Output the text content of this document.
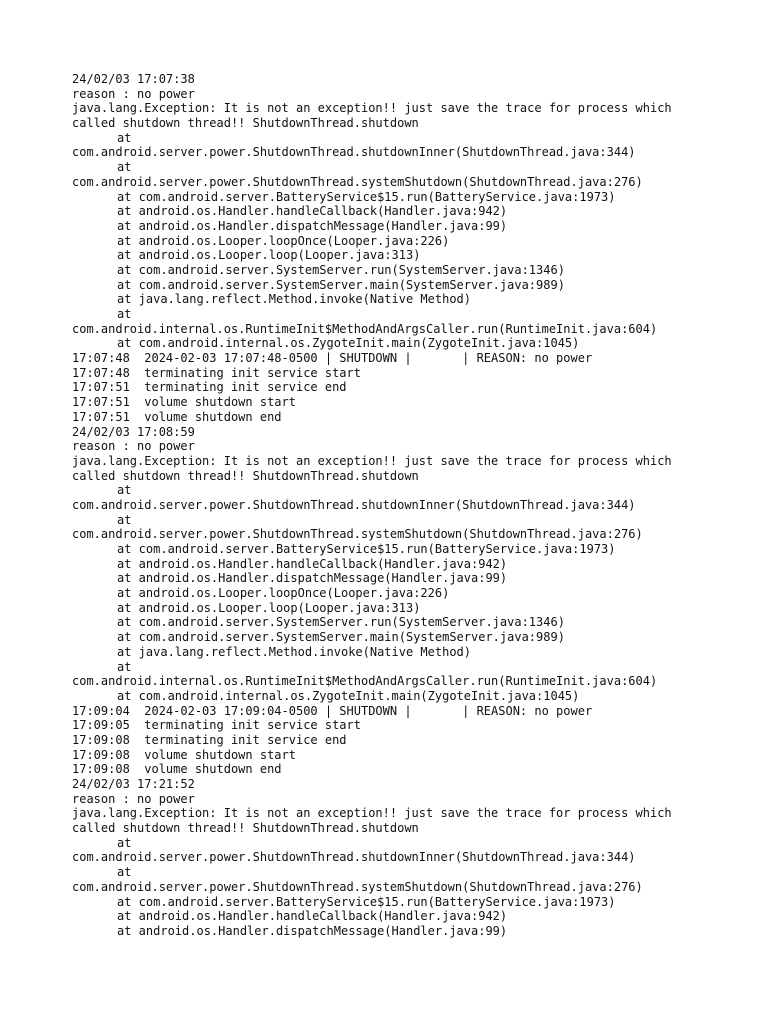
24/02/03 17:07:38
reason : no power
java.lang.Exception: It is not an exception!! just save the trace for process which
called shutdown thread!! ShutdownThread.shutdown
at
com.android.server.power.ShutdownThread.shutdownInner(ShutdownThread.java:344)
at
com.android.server.power.ShutdownThread.systemShutdown(ShutdownThread.java:276)
at com.android.server.BatteryService$15.run(BatteryService.java:1973)
at android.os.Handler.handleCallback(Handler.java:942)
at android.os.Handler.dispatchMessage(Handler.java:99)
at android.os.Looper.loopOnce(Looper.java:226)
at android.os.Looper.loop(Looper.java:313)
at com.android.server.SystemServer.run(SystemServer.java:1346)
at com.android.server.SystemServer.main(SystemServer.java:989)
at java.lang.reflect.Method.invoke(Native Method)
at
com.android.internal.os.RuntimeInit$MethodAndArgsCaller.run(RuntimeInit.java:604)
at com.android.internal.os.ZygoteInit.main(ZygoteInit.java:1045)
17:07:48  2024-02-03 17:07:48-0500 | SHUTDOWN |       | REASON: no power
17:07:48  terminating init service start
17:07:51  terminating init service end
17:07:51  volume shutdown start
17:07:51  volume shutdown end
24/02/03 17:08:59
reason : no power
java.lang.Exception: It is not an exception!! just save the trace for process which
called shutdown thread!! ShutdownThread.shutdown
at
com.android.server.power.ShutdownThread.shutdownInner(ShutdownThread.java:344)
at
com.android.server.power.ShutdownThread.systemShutdown(ShutdownThread.java:276)
at com.android.server.BatteryService$15.run(BatteryService.java:1973)
at android.os.Handler.handleCallback(Handler.java:942)
at android.os.Handler.dispatchMessage(Handler.java:99)
at android.os.Looper.loopOnce(Looper.java:226)
at android.os.Looper.loop(Looper.java:313)
at com.android.server.SystemServer.run(SystemServer.java:1346)
at com.android.server.SystemServer.main(SystemServer.java:989)
at java.lang.reflect.Method.invoke(Native Method)
at
com.android.internal.os.RuntimeInit$MethodAndArgsCaller.run(RuntimeInit.java:604)
at com.android.internal.os.ZygoteInit.main(ZygoteInit.java:1045)
17:09:04  2024-02-03 17:09:04-0500 | SHUTDOWN |       | REASON: no power
17:09:05  terminating init service start
17:09:08  terminating init service end
17:09:08  volume shutdown start
17:09:08  volume shutdown end
24/02/03 17:21:52
reason : no power
java.lang.Exception: It is not an exception!! just save the trace for process which
called shutdown thread!! ShutdownThread.shutdown
at
com.android.server.power.ShutdownThread.shutdownInner(ShutdownThread.java:344)
at
com.android.server.power.ShutdownThread.systemShutdown(ShutdownThread.java:276)
at com.android.server.BatteryService$15.run(BatteryService.java:1973)
at android.os.Handler.handleCallback(Handler.java:942)
at android.os.Handler.dispatchMessage(Handler.java:99)
